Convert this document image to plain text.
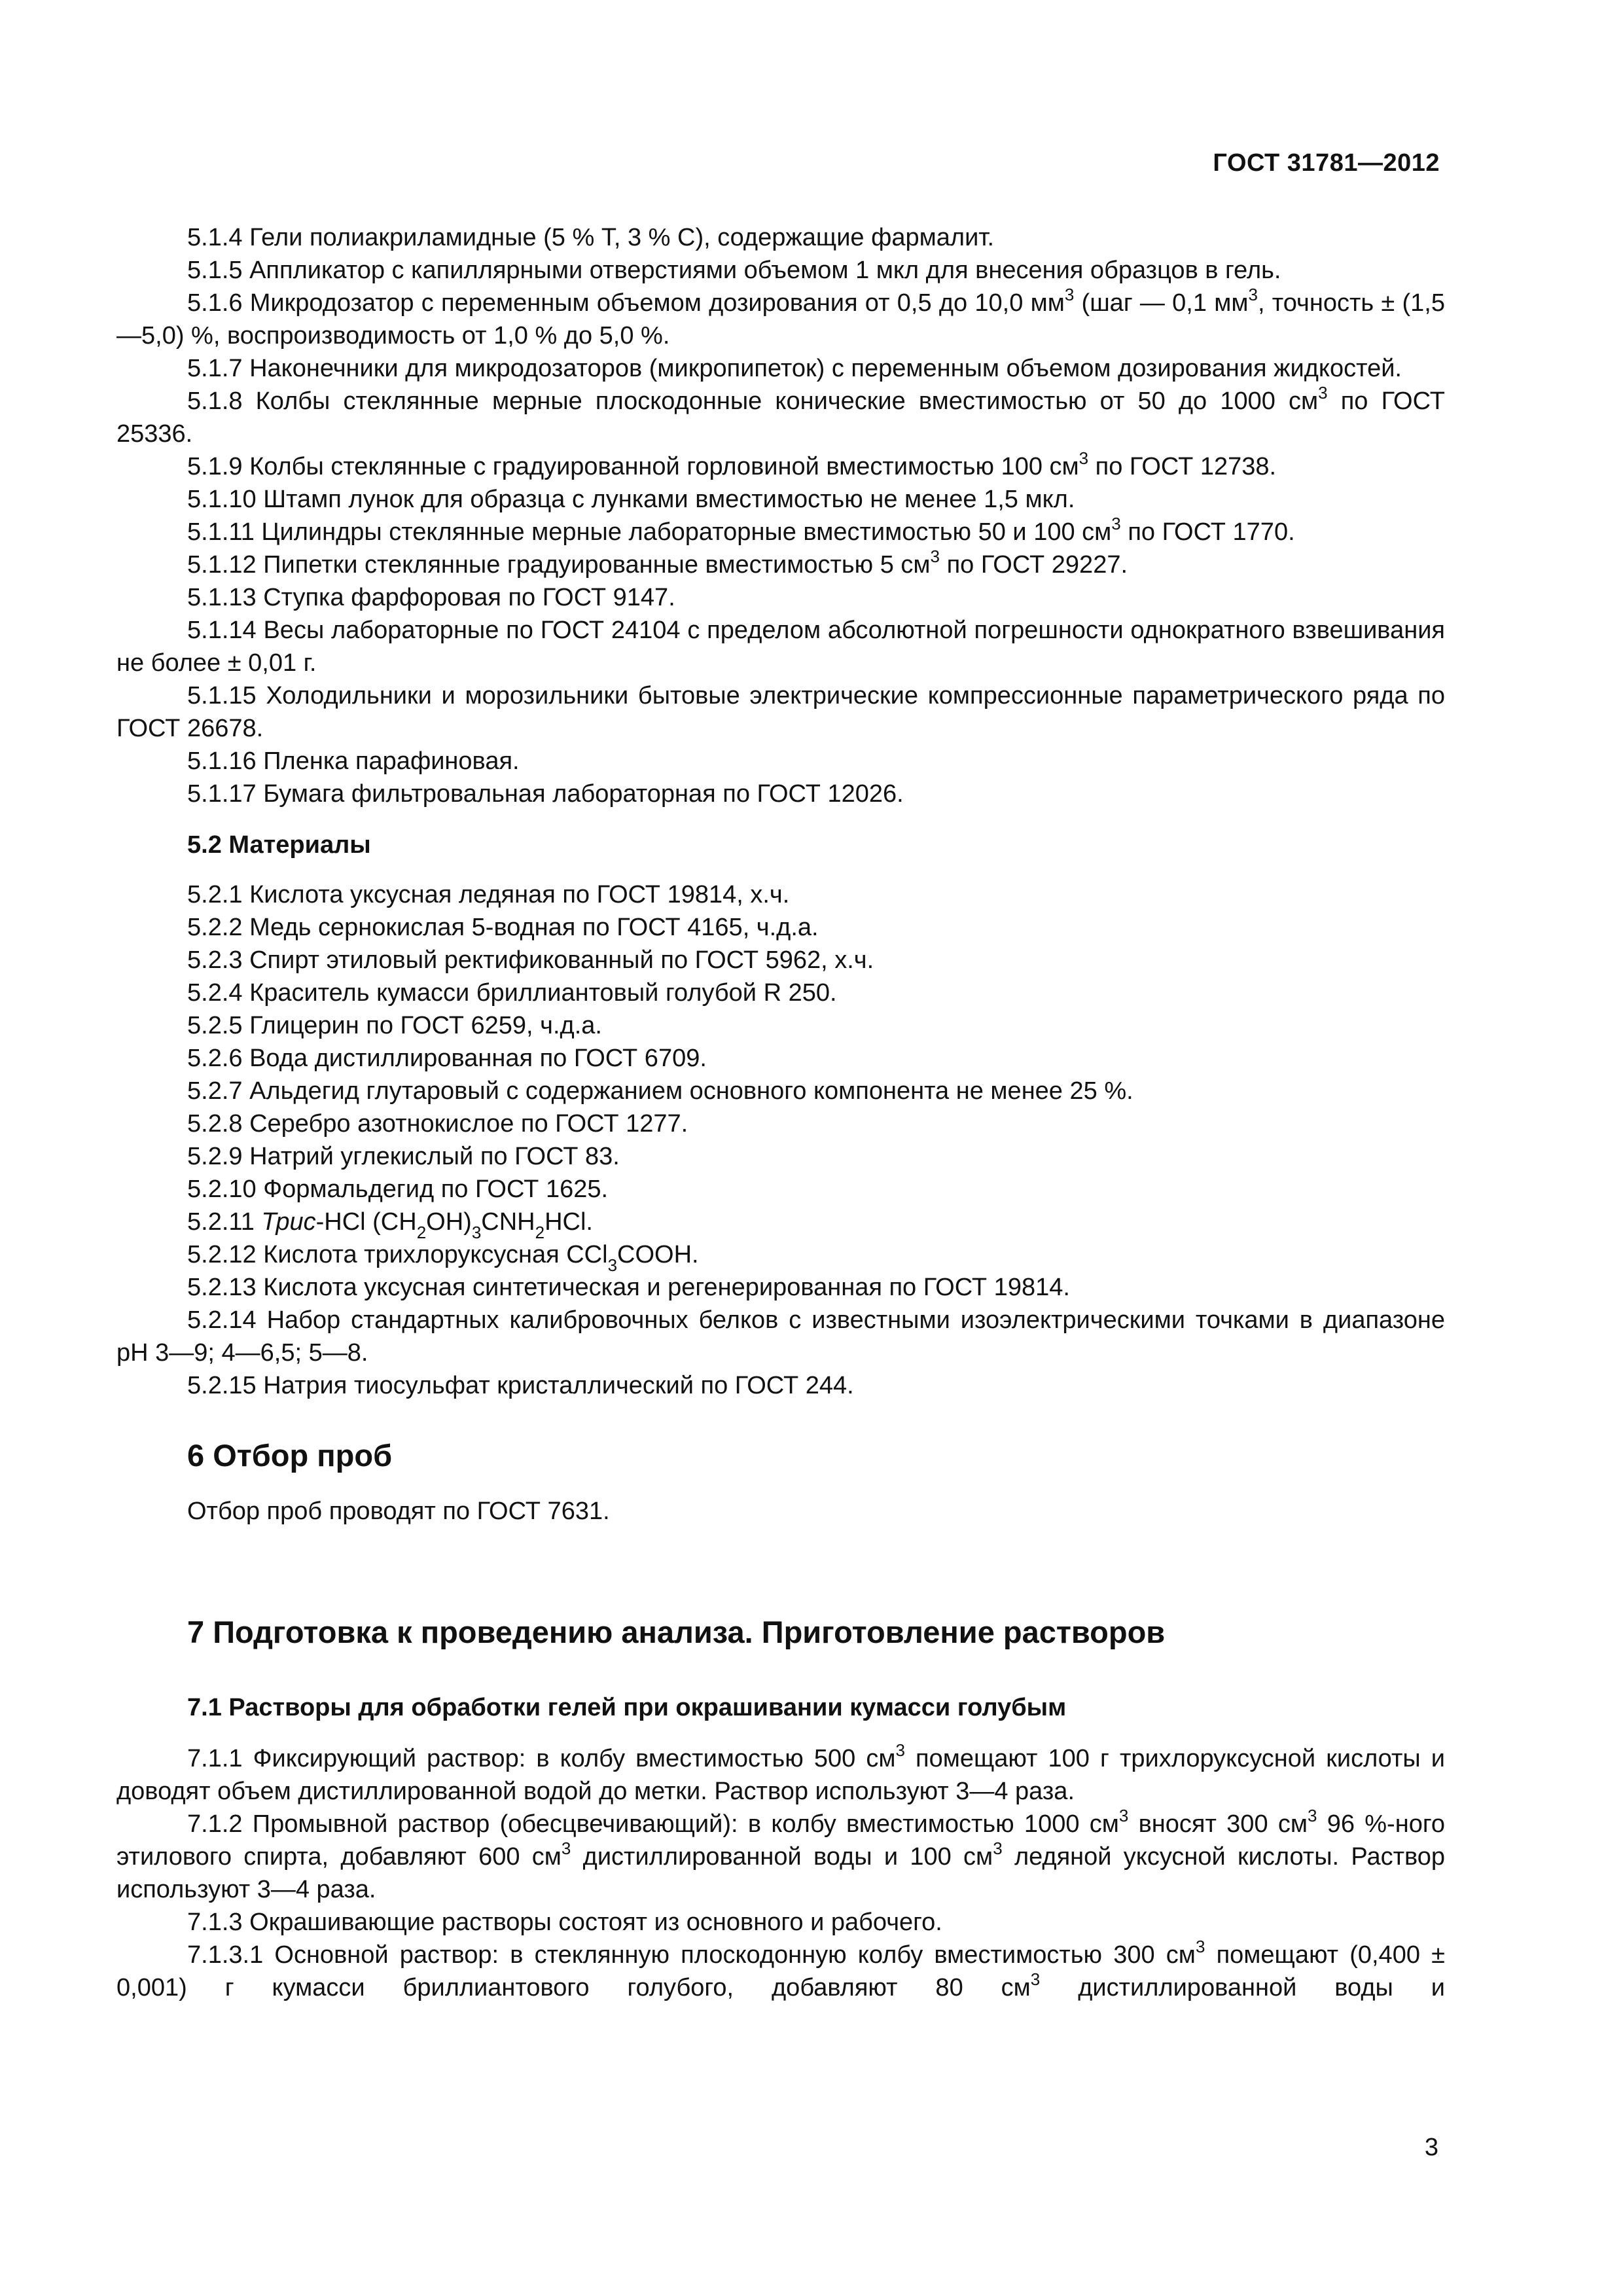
ГОСТ 31781—2012

5.1.4 Гели полиакриламидные (5 % T, 3 % С), содержащие фармалит.

5.1.5 Аппликатор с капиллярными отверстиями объемом 1 мкл для внесения образцов в гель.

5.1.6 Микродозатор с переменным объемом дозирования от 0,5 до 10,0 $мм^3$ (шаг — 0,1 $мм^3$, точность ± (1,5—5,0) %, воспроизводимость от 1,0 % до 5,0 %.

5.1.7 Наконечники для микродозаторов (микропипеток) с переменным объемом дозирования жидкостей.

5.1.8 Колбы стеклянные мерные плоскодонные конические вместимостью от 50 до 1000 $см^3$ по ГОСТ 25336.

5.1.9 Колбы стеклянные с градуированной горловиной вместимостью 100 $см^3$ по ГОСТ 12738.

5.1.10 Штамп лунок для образца с лунками вместимостью не менее 1,5 мкл.

5.1.11 Цилиндры стеклянные мерные лабораторные вместимостью 50 и 100 $см^3$ по ГОСТ 1770.

5.1.12 Пипетки стеклянные градуированные вместимостью 5 $см^3$ по ГОСТ 29227.

5.1.13 Ступка фарфоровая по ГОСТ 9147.

5.1.14 Весы лабораторные по ГОСТ 24104 с пределом абсолютной погрешности однократного взвешивания не более ± 0,01 г.

5.1.15 Холодильники и морозильники бытовые электрические компрессионные параметрического ряда по ГОСТ 26678.

5.1.16 Пленка парафиновая.

5.1.17 Бумага фильтровальная лабораторная по ГОСТ 12026.

5.2 Материалы

5.2.1 Кислота уксусная ледяная по ГОСТ 19814, х.ч.

5.2.2 Медь сернокислая 5-водная по ГОСТ 4165, ч.д.а.

5.2.3 Спирт этиловый ректификованный по ГОСТ 5962, х.ч.

5.2.4 Краситель кумасси бриллиантовый голубой R 250.

5.2.5 Глицерин по ГОСТ 6259, ч.д.а.

5.2.6 Вода дистиллированная по ГОСТ 6709.

5.2.7 Альдегид глутаровый с содержанием основного компонента не менее 25 %.

5.2.8 Серебро азотнокислое по ГОСТ 1277.

5.2.9 Натрий углекислый по ГОСТ 83.

5.2.10 Формальдегид по ГОСТ 1625.

5.2.11 Трис-HCl $(CH_2OH)_3CNH_2HCl$.

5.2.12 Кислота трихлоруксусная CCl$_3$COOH.

5.2.13 Кислота уксусная синтетическая и регенерированная по ГОСТ 19814.

5.2.14 Набор стандартных калибровочных белков с известными изоэлектрическими точками в диапазоне pH 3—9; 4—6,5; 5—8.

5.2.15 Натрия тиосульфат кристаллический по ГОСТ 244.

6 Отбор проб

Отбор проб проводят по ГОСТ 7631.

7 Подготовка к проведению анализа. Приготовление растворов

7.1 Растворы для обработки гелей при окрашивании кумасси голубым

7.1.1 Фиксирующий раствор: в колбу вместимостью 500 $см^3$ помещают 100 г трихлоруксусной кислоты и доводят объем дистиллированной водой до метки. Раствор используют 3—4 раза.

7.1.2 Промывной раствор (обесцвечивающий): в колбу вместимостью 1000 $см^3$ вносят 300 $см^3$ 96 %-ного этилового спирта, добавляют 600 $см^3$ дистиллированной воды и 100 $см^3$ ледяной уксусной кислоты. Раствор используют 3—4 раза.

7.1.3 Окрашивающие растворы состоят из основного и рабочего.

7.1.3.1 Основной раствор: в стеклянную плоскодонную колбу вместимостью 300 $см^3$ помещают (0,400 ± 0,001) г кумасси бриллиантового голубого, добавляют 80 $см^3$ дистиллированной воды и

3
